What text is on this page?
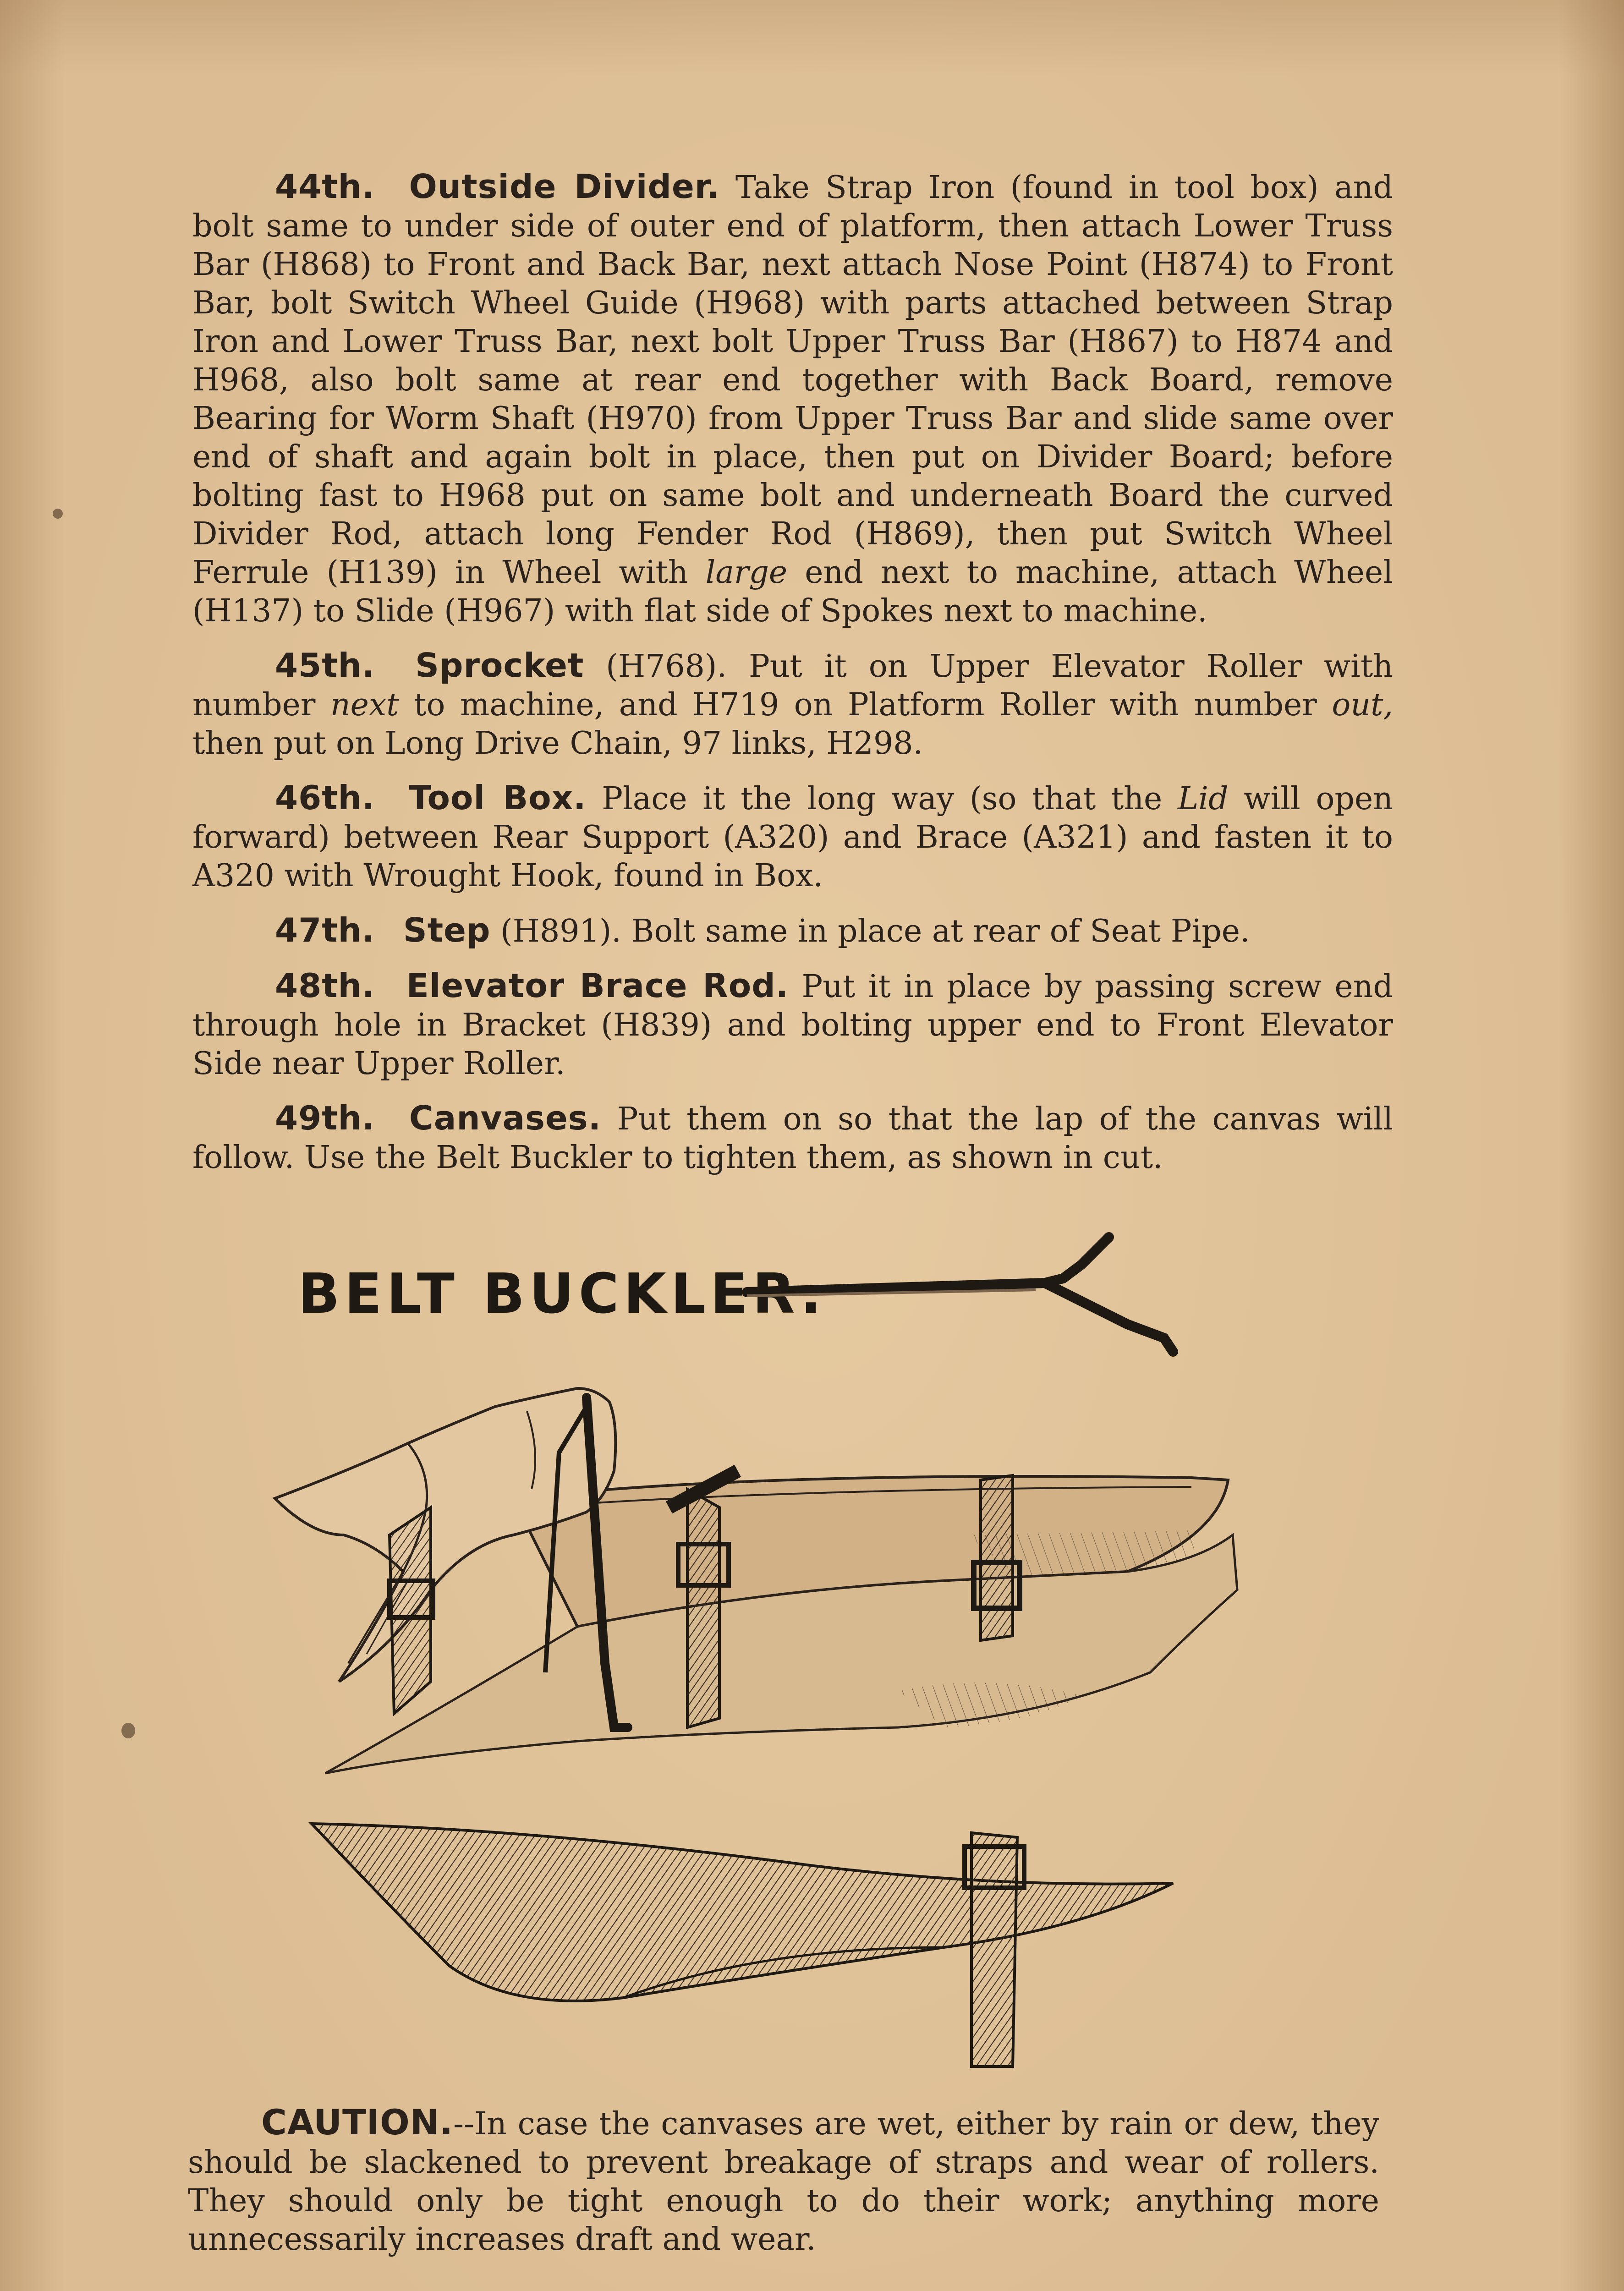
44th. Outside Divider. Take Strap Iron (found in tool box) and bolt same to under side of outer end of platform, then attach Lower Truss Bar (H868) to Front and Back Bar, next attach Nose Point (H874) to Front Bar, bolt Switch Wheel Guide (H968) with parts attached between Strap Iron and Lower Truss Bar, next bolt Upper Truss Bar (H867) to H874 and H968, also bolt same at rear end together with Back Board, remove Bearing for Worm Shaft (H970) from Upper Truss Bar and slide same over end of shaft and again bolt in place, then put on Divider Board; before bolting fast to H968 put on same bolt and underneath Board the curved Divider Rod, attach long Fender Rod (H869), then put Switch Wheel Ferrule (H139) in Wheel with large end next to machine, attach Wheel (H137) to Slide (H967) with flat side of Spokes next to machine.

45th. Sprocket (H768). Put it on Upper Elevator Roller with number next to machine, and H719 on Platform Roller with number out, then put on Long Drive Chain, 97 links, H298.

46th. Tool Box. Place it the long way (so that the Lid will open forward) between Rear Support (A320) and Brace (A321) and fasten it to A320 with Wrought Hook, found in Box.

47th. Step (H891). Bolt same in place at rear of Seat Pipe.

48th. Elevator Brace Rod. Put it in place by passing screw end through hole in Bracket (H839) and bolting upper end to Front Elevator Side near Upper Roller.

49th. Canvases. Put them on so that the lap of the canvas will follow. Use the Belt Buckler to tighten them, as shown in cut.

BELT BUCKLER.

CAUTION.--In case the canvases are wet, either by rain or dew, they should be slackened to prevent breakage of straps and wear of rollers. They should only be tight enough to do their work; anything more unnecessarily increases draft and wear.
